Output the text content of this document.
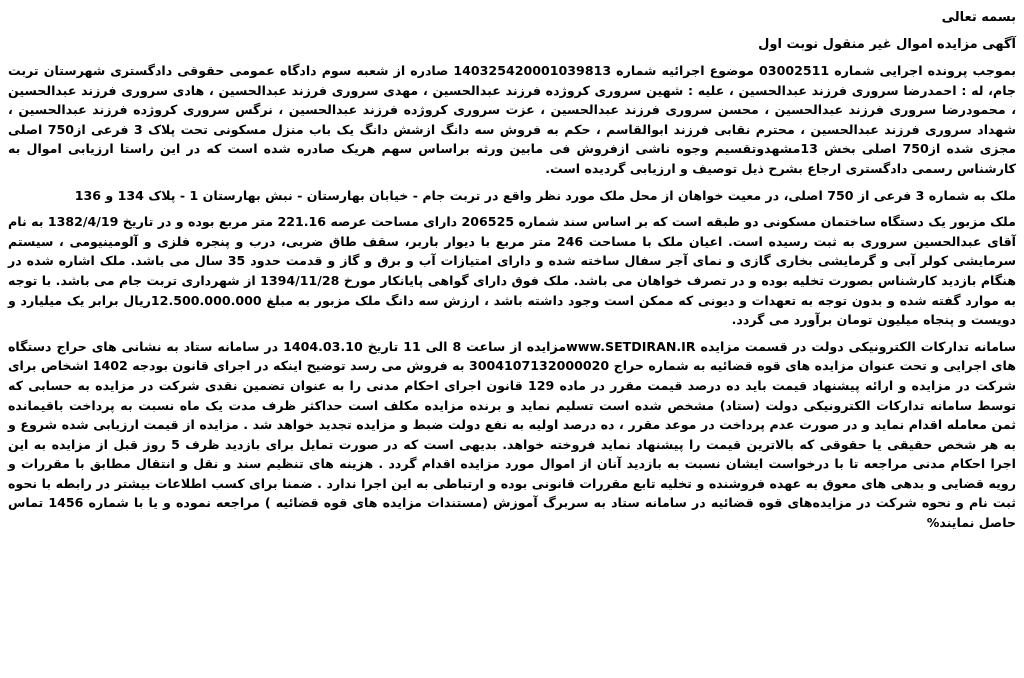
بسمه تعالی
آگهی مزایده اموال غیر منقول نوبت اول

بموجب پرونده اجرایی شماره 03002511 موضوع اجرائیه شماره 140325420001039813 صادره از شعبه سوم دادگاه عمومی حقوقی دادگستری شهرستان تربت جام، له : احمدرضا سروری فرزند عبدالحسین ، علیه : شهین سروری کروژده فرزند عبدالحسین ، مهدی سروری فرزند عبدالحسین ، هادی سروری فرزند عبدالحسین ، محمودرضا سروری فرزند عبدالحسین ، محسن سروری فرزند عبدالحسین ، عزت سروری کروژده فرزند عبدالحسین ، نرگس سروری کروژده فرزند عبدالحسین ، شهداد سروری فرزند عبدالحسین ، محترم نقابی فرزند ابوالقاسم ، حکم به فروش سه دانگ ازشش دانگ یک باب منزل مسکونی تحت پلاک 3 فرعی از750 اصلی مجزی شده از750 اصلی بخش 13مشهدوتقسیم وجوه ناشی ازفروش فی مابین ورثه براساس سهم هریک صادره شده است که در این راستا ارزیابی اموال به کارشناس رسمی دادگستری ارجاع بشرح ذیل توصیف و ارزیابی گردیده است.

ملک به شماره 3 فرعی از 750 اصلی، در معیت خواهان از محل ملک مورد نظر واقع در تربت جام - خیابان بهارستان - نبش بهارستان 1 - پلاک 134 و 136

ملک مزبور یک دستگاه ساختمان مسکونی دو طبقه است که بر اساس سند شماره 206525 دارای مساحت عرصه 221.16 متر مربع بوده و در تاریخ 1382/4/19 به نام آقای عبدالحسین سروری به ثبت رسیده است. اعیان ملک با مساحت 246 متر مربع با دیوار باربر، سقف طاق ضربی، درب و پنجره فلزی و آلومینیومی ، سیستم سرمایشی کولر آبی و گرمایشی بخاری گازی و نمای آجر سفال ساخته شده و دارای امتیازات آب و برق و گاز و قدمت حدود 35 سال می باشد. ملک اشاره شده در هنگام بازدید کارشناس بصورت تخلیه بوده و در تصرف خواهان می باشد. ملک فوق دارای گواهی پایانکار مورخ 1394/11/28 از شهرداری تربت جام می باشد. با توجه به موارد گفته شده و بدون توجه به تعهدات و دیونی که ممکن است وجود داشته باشد ، ارزش سه دانگ ملک مزبور به مبلغ 12.500.000.000ریال برابر یک میلیارد و دویست و پنجاه میلیون تومان برآورد می گردد.

سامانه تدارکات الکترونیکی دولت در قسمت مزایده www.SETDIRAN.IRمزایده از ساعت 8 الی 11 تاریخ 1404.03.10 در سامانه ستاد به نشانی های حراج دستگاه های اجرایی و تحت عنوان مزایده های قوه قضائیه به شماره حراج 3004107132000020 به فروش می رسد توضیح اینکه در اجرای قانون بودجه 1402 اشخاص برای شرکت در مزایده و ارائه پیشنهاد قیمت باید ده درصد قیمت مقرر در ماده 129 قانون اجرای احکام مدنی را به عنوان تضمین نقدی شرکت در مزایده به حسابی که توسط سامانه تدارکات الکترونیکی دولت (ستاد) مشخص شده است تسلیم نماید و برنده مزایده مکلف است حداکثر ظرف مدت یک ماه نسبت به پرداخت باقیمانده ثمن معامله اقدام نماید و در صورت عدم پرداخت در موعد مقرر ، ده درصد اولیه به نفع دولت ضبط و مزایده تجدید خواهد شد . مزایده از قیمت ارزیابی شده شروع و به هر شخص حقیقی یا حقوقی که بالاترین قیمت را پیشنهاد نماید فروخته خواهد. بدیهی است که در صورت تمایل برای بازدید ظرف 5 روز قبل از مزایده به این اجرا احکام مدنی مراجعه تا با درخواست ایشان نسبت به بازدید آنان از اموال مورد مزایده اقدام گردد . هزینه های تنظیم سند و نقل و انتقال مطابق با مقررات و رویه قضایی و بدهی های معوق به عهده فروشنده و تخلیه تابع مقررات قانونی بوده و ارتباطی به این اجرا ندارد . ضمنا برای کسب اطلاعات بیشتر در رابطه با نحوه ثبت نام و نحوه شرکت در مزایده‌های قوه قضائیه در سامانه ستاد به سربرگ آموزش (مستندات مزایده های قوه قضائیه ) مراجعه نموده و یا با شماره 1456 تماس حاصل نمایند%
